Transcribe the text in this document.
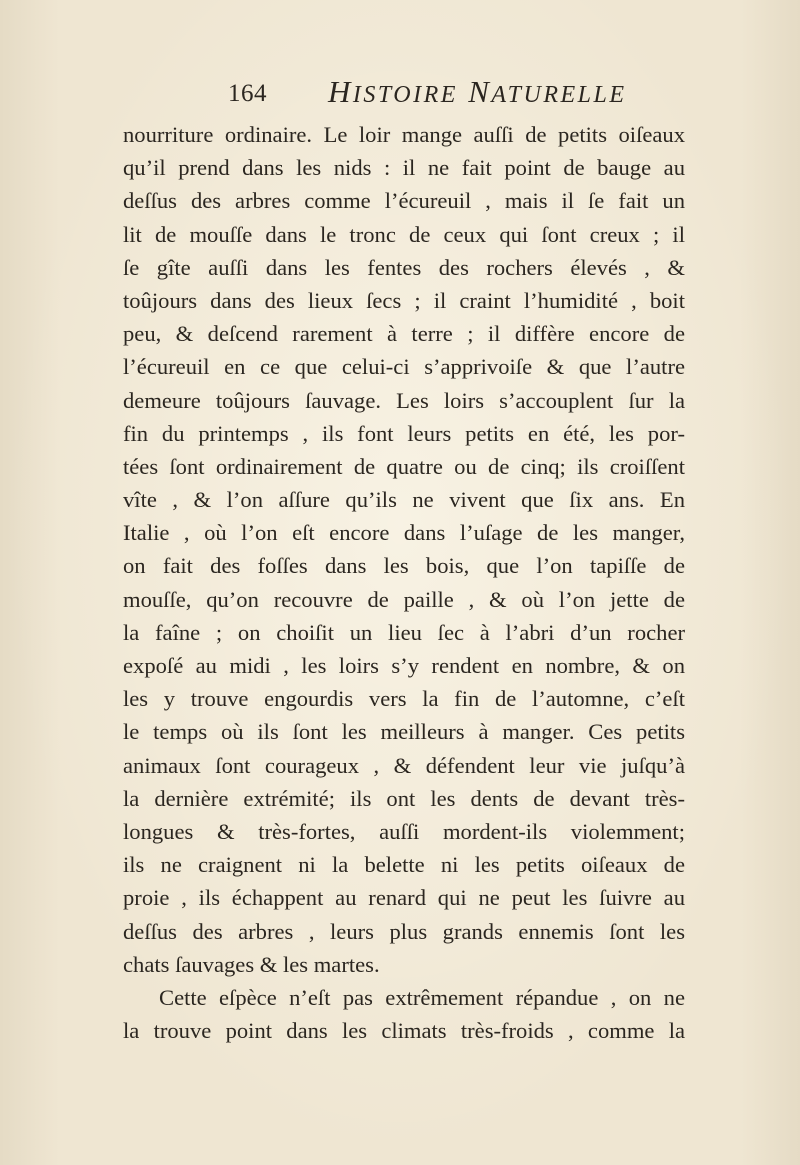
164 HISTOIRE NATURELLE
nourriture ordinaire. Le loir mange auſſi de petits oiſeaux
qu’il prend dans les nids : il ne fait point de bauge au
deſſus des arbres comme l’écureuil , mais il ſe fait un
lit de mouſſe dans le tronc de ceux qui ſont creux ; il
ſe gîte auſſi dans les fentes des rochers élevés , &
toûjours dans des lieux ſecs ; il craint l’humidité , boit
peu, & deſcend rarement à terre ; il diffère encore de
l’écureuil en ce que celui-ci s’apprivoiſe & que l’autre
demeure toûjours ſauvage. Les loirs s’accouplent ſur la
fin du printemps , ils font leurs petits en été, les por-
tées ſont ordinairement de quatre ou de cinq; ils croiſſent
vîte , & l’on aſſure qu’ils ne vivent que ſix ans. En
Italie , où l’on eſt encore dans l’uſage de les manger,
on fait des foſſes dans les bois, que l’on tapiſſe de
mouſſe, qu’on recouvre de paille , & où l’on jette de
la faîne ; on choiſit un lieu ſec à l’abri d’un rocher
expoſé au midi , les loirs s’y rendent en nombre, & on
les y trouve engourdis vers la fin de l’automne, c’eſt
le temps où ils ſont les meilleurs à manger. Ces petits
animaux ſont courageux , & défendent leur vie juſqu’à
la dernière extrémité; ils ont les dents de devant très-
longues & très-fortes, auſſi mordent-ils violemment;
ils ne craignent ni la belette ni les petits oiſeaux de
proie , ils échappent au renard qui ne peut les ſuivre au
deſſus des arbres , leurs plus grands ennemis ſont les
chats ſauvages & les martes.
Cette eſpèce n’eſt pas extrêmement répandue , on ne
la trouve point dans les climats très-froids , comme la
